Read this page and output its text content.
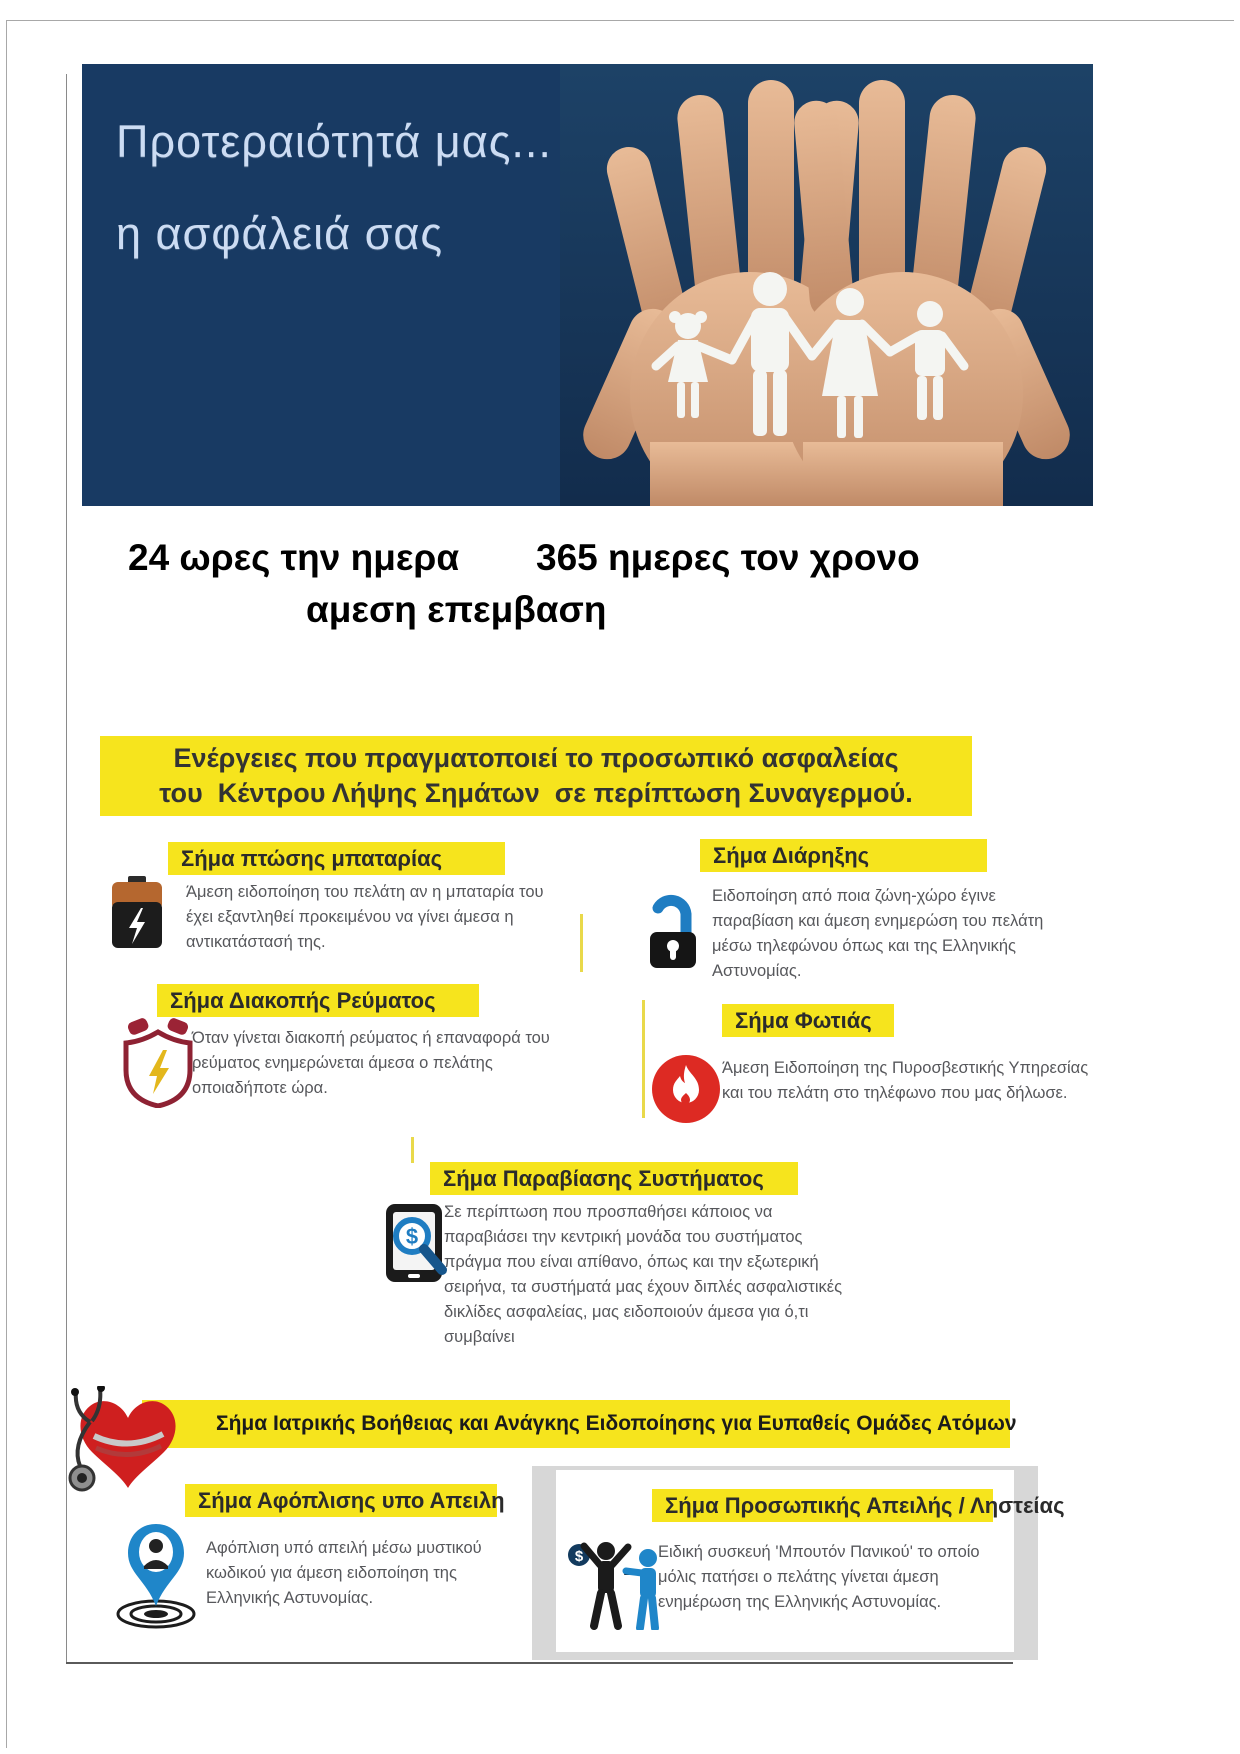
Προτεραιότητά μας...
η ασφάλειά σας
24 ωρες την ημερα 365 ημερες τον χρονο
αμεση επεμβαση
Ενέργειες που πραγματοποιεί το προσωπικό ασφαλείας
του  Κέντρου Λήψης Σημάτων  σε περίπτωση Συναγερμού.
Σήμα πτώσης μπαταρίας
Άμεση ειδοποίηση του πελάτη αν η μπαταρία του έχει εξαντληθεί προκειμένου να γίνει άμεσα η αντικατάστασή της.
Σήμα Διάρηξης
Ειδοποίηση από ποια ζώνη-χώρο έγινε παραβίαση και άμεση ενημερώση του πελάτη μέσω τηλεφώνου όπως και της Ελληνικής Αστυνομίας.
Σήμα Διακοπής Ρεύματος
Όταν γίνεται διακοπή ρεύματος ή επαναφορά του ρεύματος ενημερώνεται άμεσα ο πελάτης οποιαδήποτε ώρα.
Σήμα Φωτιάς
Άμεση Ειδοποίηση της Πυροσβεστικής Υπηρεσίας και του πελάτη στο τηλέφωνο που μας δήλωσε.
$
Σήμα Παραβίασης Συστήματος
Σε περίπτωση που προσπαθήσει κάποιος να παραβιάσει την κεντρική μονάδα του συστήματος πράγμα που είναι απίθανο, όπως και την εξωτερική σειρήνα, τα συστήματά μας έχουν διπλές ασφαλιστικές δικλίδες ασφαλείας, μας ειδοποιούν άμεσα για ό,τι συμβαίνει
Σήμα Ιατρικής Βοήθειας και Ανάγκης Ειδοποίησης για Ευπαθείς Ομάδες Ατόμων
Σήμα Αφόπλισης υπο Απειλη
Αφόπλιση υπό απειλή μέσω μυστικού κωδικού για άμεση ειδοποίηση της Ελληνικής Αστυνομίας.
Σήμα Προσωπικής Απειλής / Ληστείας
$	Ειδική συσκευή 'Μπουτόν Πανικού' το οποίο μόλις πατήσει ο πελάτης γίνεται άμεση ενημέρωση της Ελληνικής Αστυνομίας.
